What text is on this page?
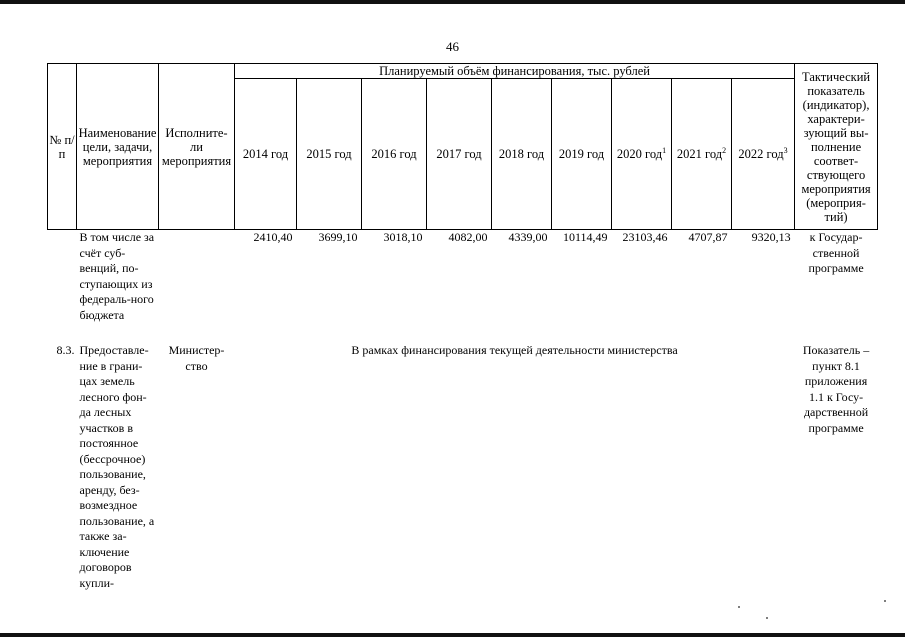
46
№ п/п	Наименование цели, задачи, мероприятия	Исполните-ли мероприятия	Планируемый объём финансирования, тыс. рублей									Тактический показатель (индикатор), характери-зующий вы-полнение соответ-ствующего мероприятия (мероприя-тий)
			2014 год	2015 год	2016 год	2017 год	2018 год	2019 год	2020 год$^1$	2021 год$^2$	2022 год$^3$
	В том числе за счёт суб-венций, по-ступающих из федераль-ного бюджета		2410,40	3699,10	3018,10	4082,00	4339,00	10114,49	23103,46	4707,87	9320,13	к Государ-ственной программе

8.3.	Предоставле-ние в грани-цах земель лесного фон-да лесных участков в постоянное (бессрочное) пользование, аренду, без-возмездное пользование, а также за-ключение договоров купли-	Министер-ство	В рамках финансирования текущей деятельности министерства									Показатель – пункт 8.1 приложения 1.1 к Госу-дарственной программе
